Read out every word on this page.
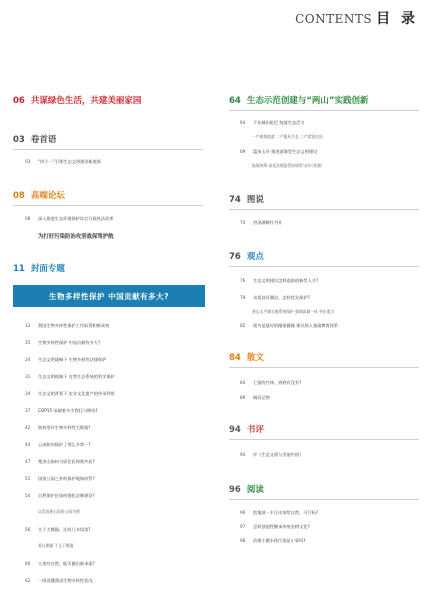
CONTENTS 目 录
06 共谋绿色生活，共建美丽家园
03 卷首语
03 “四个一”引领生态文明建设新境界
08 高端论坛
08 深入推进生态环境保护综合行政执法改革
为打好污染防治攻坚战保驾护航
11 封面专题
生物多样性保护 中国贡献有多大?
13 我国生物多样性保护工作取得积极成效
15 生物多样性保护 中国贡献有多大?
24 生态文明战略下 生物多样性法律保护
31 生态文明视域下 自然生态系统的科学保护
34 生态文明背景下 农业文化遗产的传承利用
37 COP15 承载着多少我狂与期待?
42 如何用好生物多样性大数据?
44 云南如何保护了那么多第一?
47 梵净山如何与原住民和谐共处?
51 国家公园之外的保护地如何管?
54 自然保护区如何强化法制建设?
以美国黄石国家公园为例
56 关于大熊猫，还有几多误读?
爱自熊猫 不止于熊猫
60 人类对自然，能否做出新承诺?
62 一图读懂我国生物多样性状况
64 生态示范创建与“两山”实践创新
64 千年梯田吃尼 绽放生态活力
一产助推旅游 二产服从生态 三产富饶全局
69 蓝绿玉环 推进滨海型生态文明建设
陆海统筹 深化治理监管协调等与四大机制
74 图说
74 洪泽湖畔牡丹开
76 观点
76 生态文明建设怎样选拔创新型人才?
79 水质良好湖泊，怎样优先保护?
黄山太平湖实施系统保护 强调流域一体 突出重点
82 现鸟是最好的眼保健操 建议纳入基础教育体系
84 散文
84 七贤的竹林，到底有没有?
89 城居记物
94 书评
94 评《生态文明与美丽中国》
96 阅读
96 把地球一半让出来给自然，可行吗?
97 怎样创造性继承传统农耕文化?
98 治理小微水体污染是小事吗?
